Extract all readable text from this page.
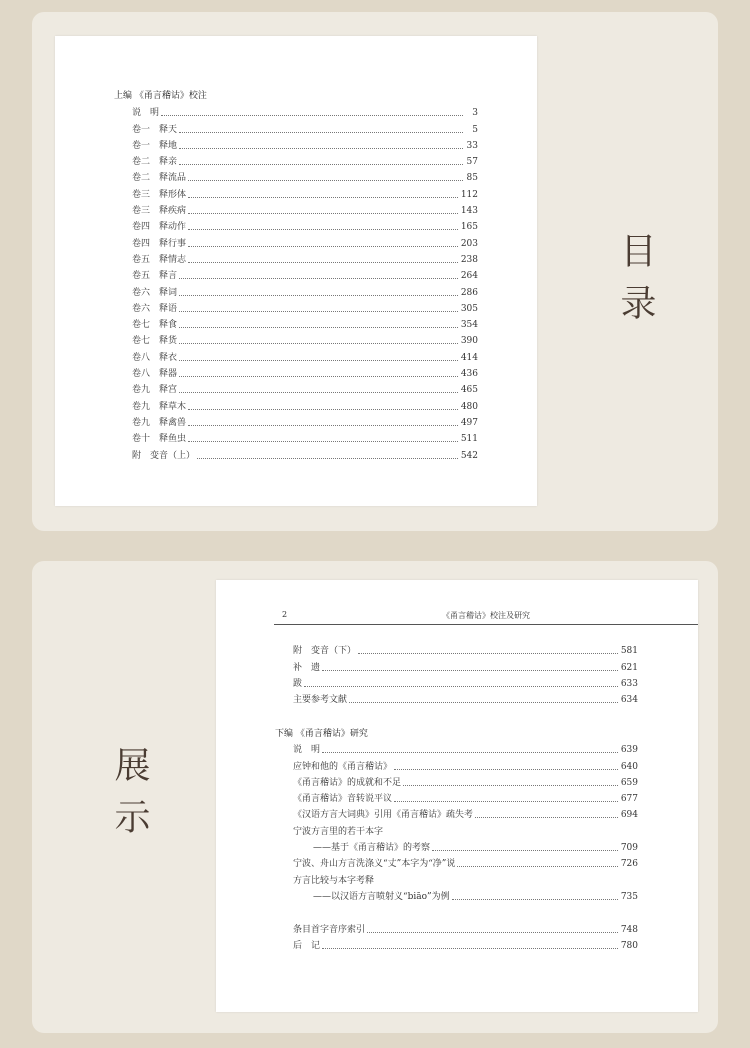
上编 《甬言稽诂》校注
说　明	3
卷一　释天	5
卷一　释地	33
卷二　释亲	57
卷二　释流品	85
卷三　释形体	112
卷三　释疾病	143
卷四　释动作	165
卷四　释行事	203
卷五　释情志	238
卷五　释言	264
卷六　释词	286
卷六　释语	305
卷七　释食	354
卷七　释货	390
卷八　释衣	414
卷八　释器	436
卷九　释宫	465
卷九　释草木	480
卷九　释禽兽	497
卷十　释鱼虫	511
附　变音（上）	542
目录
2	《甬言稽诂》校注及研究
附　变音（下）	581
补　遗	621
跋	633
主要参考文献	634
下编 《甬言稽诂》研究
说　明	639
应钟和他的《甬言稽诂》	640
《甬言稽诂》的成就和不足	659
《甬言稽诂》音转说平议	677
《汉语方言大词典》引用《甬言稽诂》疏失考	694
宁波方言里的若干本字
——基于《甬言稽诂》的考察	709
宁波、舟山方言洗涤义“丈”本字为“净”说	726
方言比较与本字考释
——以汉语方言喷射义“biāo”为例	735
条目首字音序索引	748
后　记	780
展示
